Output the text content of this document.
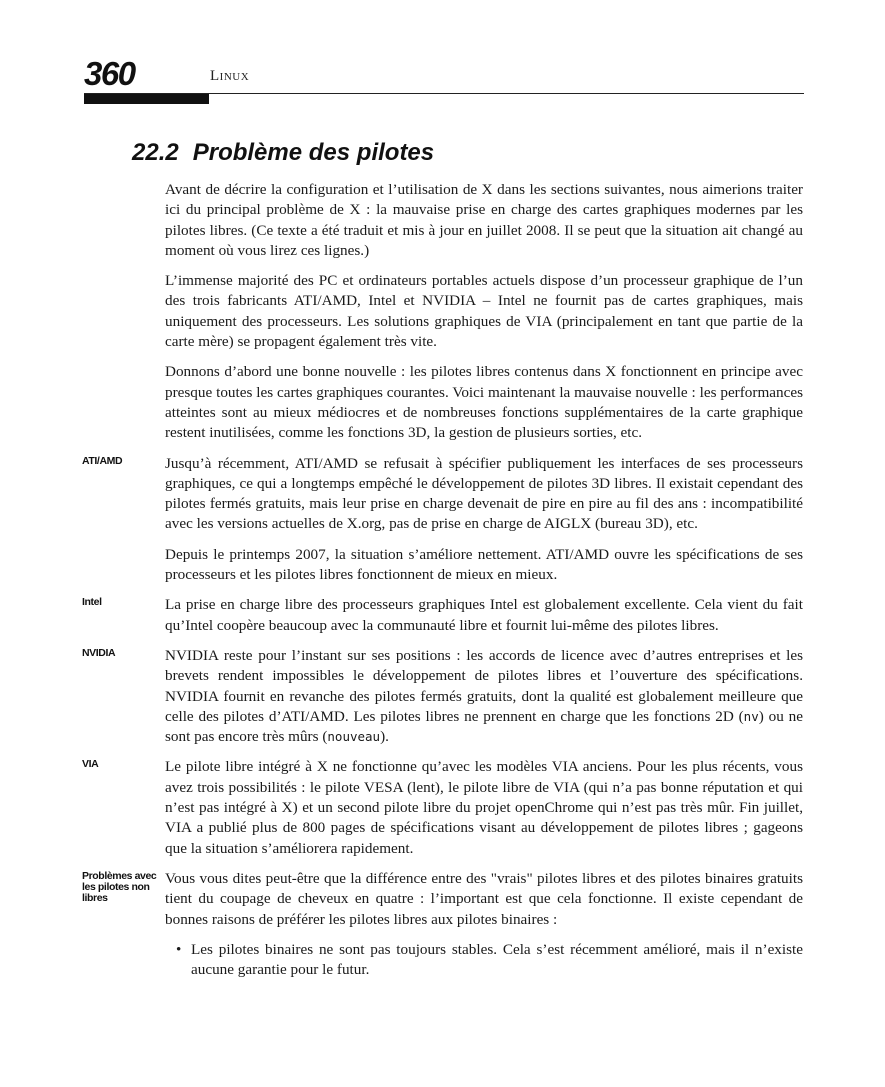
360	Linux
22.2 Problème des pilotes

Avant de décrire la configuration et l’utilisation de X dans les sections suivantes, nous aimerions traiter ici du principal problème de X : la mauvaise prise en charge des cartes graphiques modernes par les pilotes libres. (Ce texte a été traduit et mis à jour en juillet 2008. Il se peut que la situation ait changé au moment où vous lirez ces lignes.)

L’immense majorité des PC et ordinateurs portables actuels dispose d’un processeur graphique de l’un des trois fabricants ATI/AMD, Intel et NVIDIA – Intel ne fournit pas de cartes graphiques, mais uniquement des processeurs. Les solutions graphiques de VIA (principalement en tant que partie de la carte mère) se propagent également très vite.

Donnons d’abord une bonne nouvelle : les pilotes libres contenus dans X fonctionnent en principe avec presque toutes les cartes graphiques courantes. Voici maintenant la mauvaise nouvelle : les performances atteintes sont au mieux médiocres et de nombreuses fonctions supplémentaires de la carte graphique restent inutilisées, comme les fonctions 3D, la gestion de plusieurs sorties, etc.

ATI/AMD	Jusqu’à récemment, ATI/AMD se refusait à spécifier publiquement les interfaces de ses processeurs graphiques, ce qui a longtemps empêché le développement de pilotes 3D libres. Il existait cependant des pilotes fermés gratuits, mais leur prise en charge devenait de pire en pire au fil des ans : incompatibilité avec les versions actuelles de X.org, pas de prise en charge de AIGLX (bureau 3D), etc.

Depuis le printemps 2007, la situation s’améliore nettement. ATI/AMD ouvre les spécifications de ses processeurs et les pilotes libres fonctionnent de mieux en mieux.

Intel	La prise en charge libre des processeurs graphiques Intel est globalement excellente. Cela vient du fait qu’Intel coopère beaucoup avec la communauté libre et fournit lui-même des pilotes libres.

NVIDIA	NVIDIA reste pour l’instant sur ses positions : les accords de licence avec d’autres entreprises et les brevets rendent impossibles le développement de pilotes libres et l’ouverture des spécifications. NVIDIA fournit en revanche des pilotes fermés gratuits, dont la qualité est globalement meilleure que celle des pilotes d’ATI/AMD. Les pilotes libres ne prennent en charge que les fonctions 2D (nv) ou ne sont pas encore très mûrs (nouveau).

VIA	Le pilote libre intégré à X ne fonctionne qu’avec les modèles VIA anciens. Pour les plus récents, vous avez trois possibilités : le pilote VESA (lent), le pilote libre de VIA (qui n’a pas bonne réputation et qui n’est pas intégré à X) et un second pilote libre du projet openChrome qui n’est pas très mûr. Fin juillet, VIA a publié plus de 800 pages de spécifications visant au développement de pilotes libres ; gageons que la situation s’améliorera rapidement.

Problèmes avec les pilotes non libres
Vous vous dites peut-être que la différence entre des "vrais" pilotes libres et des pilotes binaires gratuits tient du coupage de cheveux en quatre : l’important est que cela fonctionne. Il existe cependant de bonnes raisons de préférer les pilotes libres aux pilotes binaires :

• Les pilotes binaires ne sont pas toujours stables. Cela s’est récemment amélioré, mais il n’existe aucune garantie pour le futur.
